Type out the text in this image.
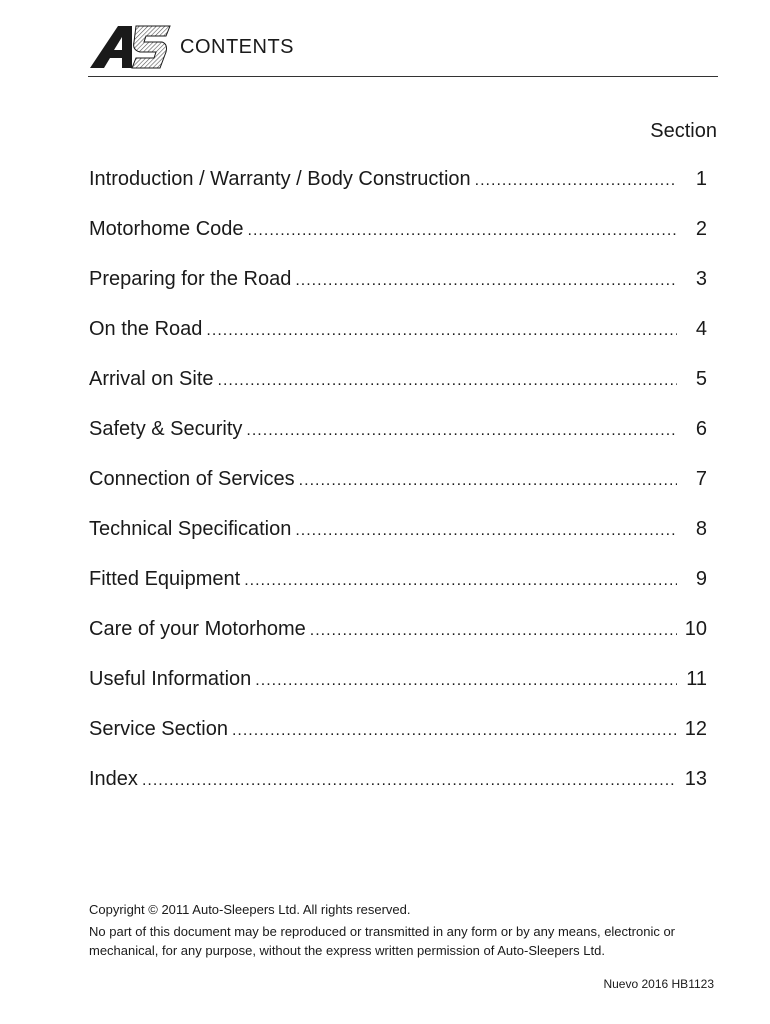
CONTENTS
Section
Introduction / Warranty / Body Construction .....	1
Motorhome Code .....	2
Preparing for the Road .....	3
On the Road .....	4
Arrival on Site .....	5
Safety & Security .....	6
Connection of Services .....	7
Technical Specification .....	8
Fitted Equipment .....	9
Care of your Motorhome .....	10
Useful Information .....	11
Service Section .....	12
Index .....	13
Copyright © 2011 Auto-Sleepers Ltd. All rights reserved.
No part of this document may be reproduced or transmitted in any form or by any means, electronic or mechanical, for any purpose, without the express written permission of Auto-Sleepers Ltd.
Nuevo 2016 HB1123
